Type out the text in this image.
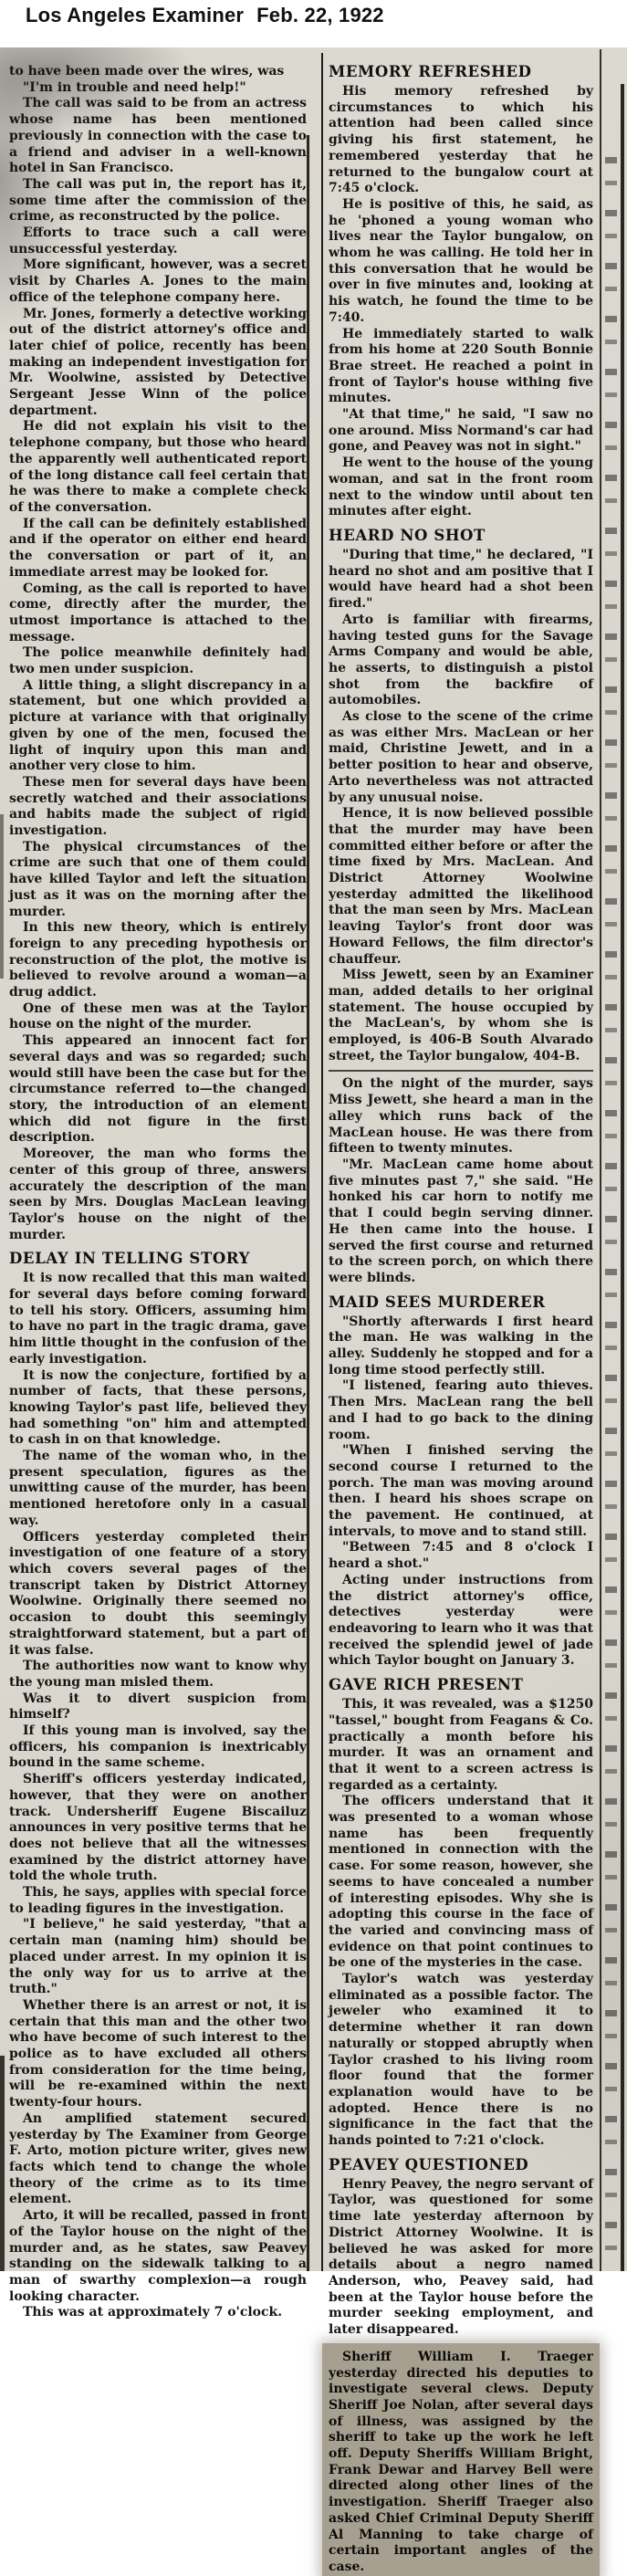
Los Angeles Examiner Feb. 22, 1922

to have been made over the wires, was

"I'm in trouble and need help!"

The call was said to be from an actress whose name has been mentioned previously in connection with the case to a friend and adviser in a well-known hotel in San Francisco.

The call was put in, the report has it, some time after the commission of the crime, as reconstructed by the police.

Efforts to trace such a call were unsuccessful yesterday.

More significant, however, was a secret visit by Charles A. Jones to the main office of the telephone company here.

Mr. Jones, formerly a detective working out of the district attorney's office and later chief of police, recently has been making an independent investigation for Mr. Woolwine, assisted by Detective Sergeant Jesse Winn of the police department.

He did not explain his visit to the telephone company, but those who heard the apparently well authenticated report of the long distance call feel certain that he was there to make a complete check of the conversation.

If the call can be definitely established and if the operator on either end heard the conversation or part of it, an immediate arrest may be looked for.

Coming, as the call is reported to have come, directly after the murder, the utmost importance is attached to the message.

The police meanwhile definitely had two men under suspicion.

A little thing, a slight discrepancy in a statement, but one which provided a picture at variance with that originally given by one of the men, focused the light of inquiry upon this man and another very close to him.

These men for several days have been secretly watched and their associations and habits made the subject of rigid investigation.

The physical circumstances of the crime are such that one of them could have killed Taylor and left the situation just as it was on the morning after the murder.

In this new theory, which is entirely foreign to any preceding hypothesis or reconstruction of the plot, the motive is believed to revolve around a woman—a drug addict.

One of these men was at the Taylor house on the night of the murder.

This appeared an innocent fact for several days and was so regarded; such would still have been the case but for the circumstance referred to—the changed story, the introduction of an element which did not figure in the first description.

Moreover, the man who forms the center of this group of three, answers accurately the description of the man seen by Mrs. Douglas MacLean leaving Taylor's house on the night of the murder.

DELAY IN TELLING STORY

It is now recalled that this man waited for several days before coming forward to tell his story. Officers, assuming him to have no part in the tragic drama, gave him little thought in the confusion of the early investigation.

It is now the conjecture, fortified by a number of facts, that these persons, knowing Taylor's past life, believed they had something "on" him and attempted to cash in on that knowledge.

The name of the woman who, in the present speculation, figures as the unwitting cause of the murder, has been mentioned heretofore only in a casual way.

Officers yesterday completed their investigation of one feature of a story which covers several pages of the transcript taken by District Attorney Woolwine. Originally there seemed no occasion to doubt this seemingly straightforward statement, but a part of it was false.

The authorities now want to know why the young man misled them.

Was it to divert suspicion from himself?

If this young man is involved, say the officers, his companion is inextricably bound in the same scheme.

Sheriff's officers yesterday indicated, however, that they were on another track. Undersheriff Eugene Biscailuz announces in very positive terms that he does not believe that all the witnesses examined by the district attorney have told the whole truth.

This, he says, applies with special force to leading figures in the investigation.

"I believe," he said yesterday, "that a certain man (naming him) should be placed under arrest. In my opinion it is the only way for us to arrive at the truth."

Whether there is an arrest or not, it is certain that this man and the other two who have become of such interest to the police as to have excluded all others from consideration for the time being, will be re-examined within the next twenty-four hours.

An amplified statement secured yesterday by The Examiner from George F. Arto, motion picture writer, gives new facts which tend to change the whole theory of the crime as to its time element.

Arto, it will be recalled, passed in front of the Taylor house on the night of the murder and, as he states, saw Peavey standing on the sidewalk talking to a man of swarthy complexion—a rough looking character.

This was at approximately 7 o'clock.

MEMORY REFRESHED

His memory refreshed by circumstances to which his attention had been called since giving his first statement, he remembered yesterday that he returned to the bungalow court at 7:45 o'clock.

He is positive of this, he said, as he 'phoned a young woman who lives near the Taylor bungalow, on whom he was calling. He told her in this conversation that he would be over in five minutes and, looking at his watch, he found the time to be 7:40.

He immediately started to walk from his home at 220 South Bonnie Brae street. He reached a point in front of Taylor's house withing five minutes.

"At that time," he said, "I saw no one around. Miss Normand's car had gone, and Peavey was not in sight."

He went to the house of the young woman, and sat in the front room next to the window until about ten minutes after eight.

HEARD NO SHOT

"During that time," he declared, "I heard no shot and am positive that I would have heard had a shot been fired."

Arto is familiar with firearms, having tested guns for the Savage Arms Company and would be able, he asserts, to distinguish a pistol shot from the backfire of automobiles.

As close to the scene of the crime as was either Mrs. MacLean or her maid, Christine Jewett, and in a better position to hear and observe, Arto nevertheless was not attracted by any unusual noise.

Hence, it is now believed possible that the murder may have been committed either before or after the time fixed by Mrs. MacLean. And District Attorney Woolwine yesterday admitted the likelihood that the man seen by Mrs. MacLean leaving Taylor's front door was Howard Fellows, the film director's chauffeur.

Miss Jewett, seen by an Examiner man, added details to her original statement. The house occupied by the MacLean's, by whom she is employed, is 406-B South Alvarado street, the Taylor bungalow, 404-B.

On the night of the murder, says Miss Jewett, she heard a man in the alley which runs back of the MacLean house. He was there from fifteen to twenty minutes.

"Mr. MacLean came home about five minutes past 7," she said. "He honked his car horn to notify me that I could begin serving dinner. He then came into the house. I served the first course and returned to the screen porch, on which there were blinds.

MAID SEES MURDERER

"Shortly afterwards I first heard the man. He was walking in the alley. Suddenly he stopped and for a long time stood perfectly still.

"I listened, fearing auto thieves. Then Mrs. MacLean rang the bell and I had to go back to the dining room.

"When I finished serving the second course I returned to the porch. The man was moving around then. I heard his shoes scrape on the pavement. He continued, at intervals, to move and to stand still.

"Between 7:45 and 8 o'clock I heard a shot."

Acting under instructions from the district attorney's office, detectives yesterday were endeavoring to learn who it was that received the splendid jewel of jade which Taylor bought on January 3.

GAVE RICH PRESENT

This, it was revealed, was a $1250 "tassel," bought from Feagans & Co. practically a month before his murder. It was an ornament and that it went to a screen actress is regarded as a certainty.

The officers understand that it was presented to a woman whose name has been frequently mentioned in connection with the case. For some reason, however, she seems to have concealed a number of interesting episodes. Why she is adopting this course in the face of the varied and convincing mass of evidence on that point continues to be one of the mysteries in the case.

Taylor's watch was yesterday eliminated as a possible factor. The jeweler who examined it to determine whether it ran down naturally or stopped abruptly when Taylor crashed to his living room floor found that the former explanation would have to be adopted. Hence there is no significance in the fact that the hands pointed to 7:21 o'clock.

PEAVEY QUESTIONED

Henry Peavey, the negro servant of Taylor, was questioned for some time late yesterday afternoon by District Attorney Woolwine. It is believed he was asked for more details about a negro named Anderson, who, Peavey said, had been at the Taylor house before the murder seeking employment, and later disappeared.

Sheriff William I. Traeger yesterday directed his deputies to investigate several clews. Deputy Sheriff Joe Nolan, after several days of illness, was assigned by the sheriff to take up the work he left off. Deputy Sheriffs William Bright, Frank Dewar and Harvey Bell were directed along other lines of the investigation. Sheriff Traeger also asked Chief Criminal Deputy Sheriff Al Manning to take charge of certain important angles of the case.
